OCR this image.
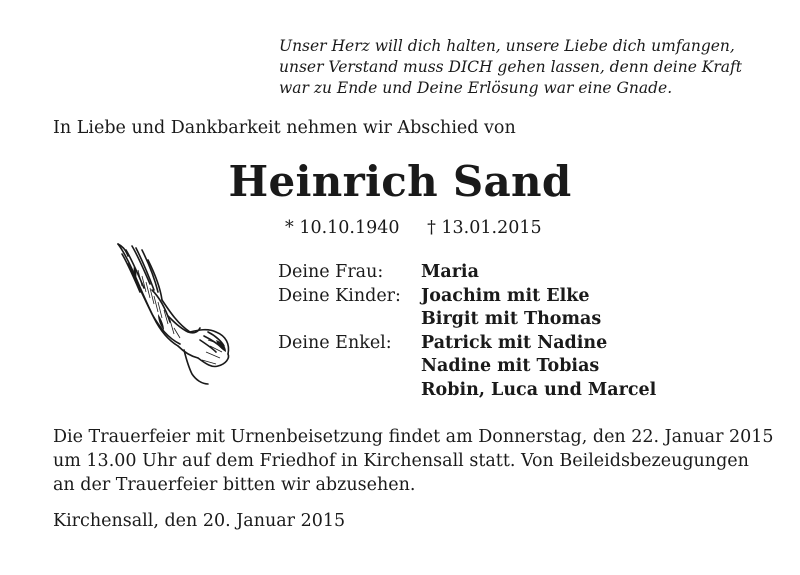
Unser Herz will dich halten, unsere Liebe dich umfangen,
unser Verstand muss DICH gehen lassen, denn deine Kraft
war zu Ende und Deine Erlösung war eine Gnade.
In Liebe und Dankbarkeit nehmen wir Abschied von
Heinrich Sand
* 10.10.1940 † 13.01.2015
Deine Frau: Maria
Deine Kinder: Joachim mit Elke
Birgit mit Thomas
Deine Enkel: Patrick mit Nadine
Nadine mit Tobias
Robin, Luca und Marcel
Die Trauerfeier mit Urnenbeisetzung findet am Donnerstag, den 22. Januar 2015
um 13.00 Uhr auf dem Friedhof in Kirchensall statt. Von Beileidsbezeugungen
an der Trauerfeier bitten wir abzusehen.
Kirchensall, den 20. Januar 2015
